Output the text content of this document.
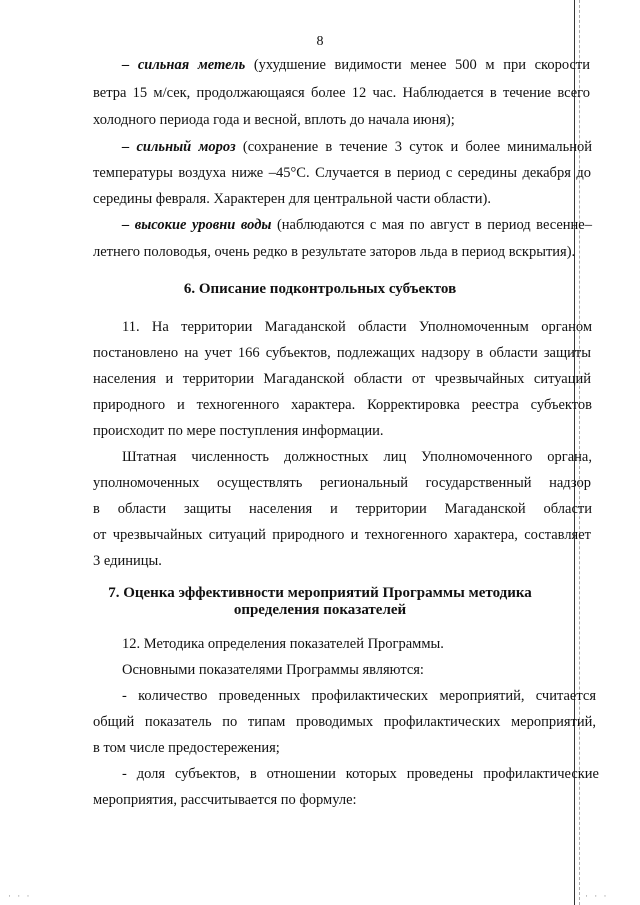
8
– сильная метель (ухудшение видимости менее 500 м при скорости
ветра 15 м/сек, продолжающаяся более 12 час. Наблюдается в течение всего
холодного периода года и весной, вплоть до начала июня);
– сильный мороз (сохранение в течение 3 суток и более минимальной
температуры воздуха ниже –45°С. Случается в период с середины декабря до
середины февраля. Характерен для центральной части области).
– высокие уровни воды (наблюдаются с мая по август в период весенне–
летнего половодья, очень редко в результате заторов льда в период вскрытия).
6. Описание подконтрольных субъектов
11. На территории Магаданской области Уполномоченным органом
постановлено на учет 166 субъектов, подлежащих надзору в области защиты
населения и территории Магаданской области от чрезвычайных ситуаций
природного и техногенного характера. Корректировка реестра субъектов
происходит по мере поступления информации.
Штатная численность должностных лиц Уполномоченного органа,
уполномоченных осуществлять региональный государственный надзор
в области защиты населения и территории Магаданской области
от чрезвычайных ситуаций природного и техногенного характера, составляет
3 единицы.
7. Оценка эффективности мероприятий Программы методика
определения показателей
12. Методика определения показателей Программы.
Основными показателями Программы являются:
- количество проведенных профилактических мероприятий, считается
общий показатель по типам проводимых профилактических мероприятий,
в том числе предостережения;
- доля субъектов, в отношении которых проведены профилактические
мероприятия, рассчитывается по формуле:
· · ·	· · ·
